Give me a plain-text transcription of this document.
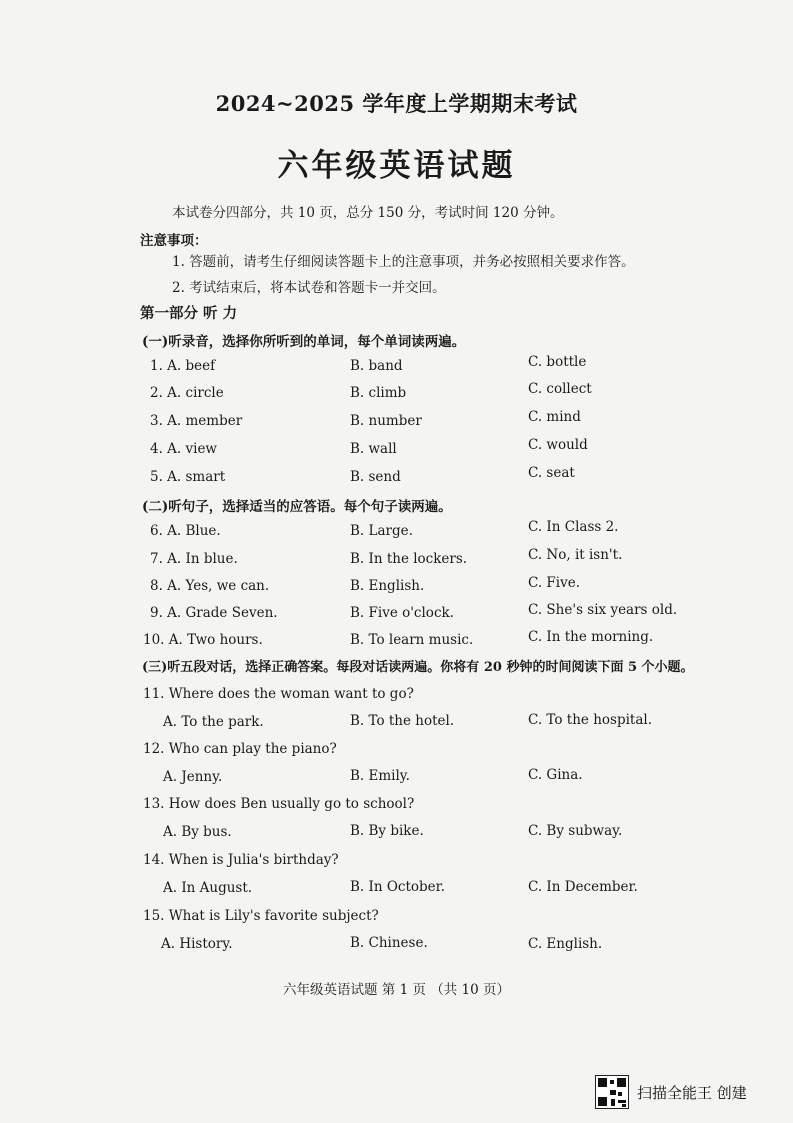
2024~2025 学年度上学期期末考试
六年级英语试题
本试卷分四部分，共 10 页，总分 150 分，考试时间 120 分钟。
注意事项：
1. 答题前，请考生仔细阅读答题卡上的注意事项，并务必按照相关要求作答。
2. 考试结束后，将本试卷和答题卡一并交回。
第一部分 听 力
(一)听录音，选择你所听到的单词，每个单词读两遍。
1. A. beef	B. band	C. bottle
2. A. circle	B. climb	C. collect
3. A. member	B. number	C. mind
4. A. view	B. wall	C. would
5. A. smart	B. send	C. seat
(二)听句子，选择适当的应答语。每个句子读两遍。
6. A. Blue.	B. Large.	C. In Class 2.
7. A. In blue.	B. In the lockers.	C. No, it isn't.
8. A. Yes, we can.	B. English.	C. Five.
9. A. Grade Seven.	B. Five o'clock.	C. She's six years old.
10. A. Two hours.	B. To learn music.	C. In the morning.
(三)听五段对话，选择正确答案。每段对话读两遍。你将有 20 秒钟的时间阅读下面 5 个小题。
11. Where does the woman want to go?
A. To the park.	B. To the hotel.	C. To the hospital.
12. Who can play the piano?
A. Jenny.	B. Emily.	C. Gina.
13. How does Ben usually go to school?
A. By bus.	B. By bike.	C. By subway.
14. When is Julia's birthday?
A. In August.	B. In October.	C. In December.
15. What is Lily's favorite subject?
A. History.	B. Chinese.	C. English.
六年级英语试题 第 1 页 （共 10 页）
扫描全能王 创建
